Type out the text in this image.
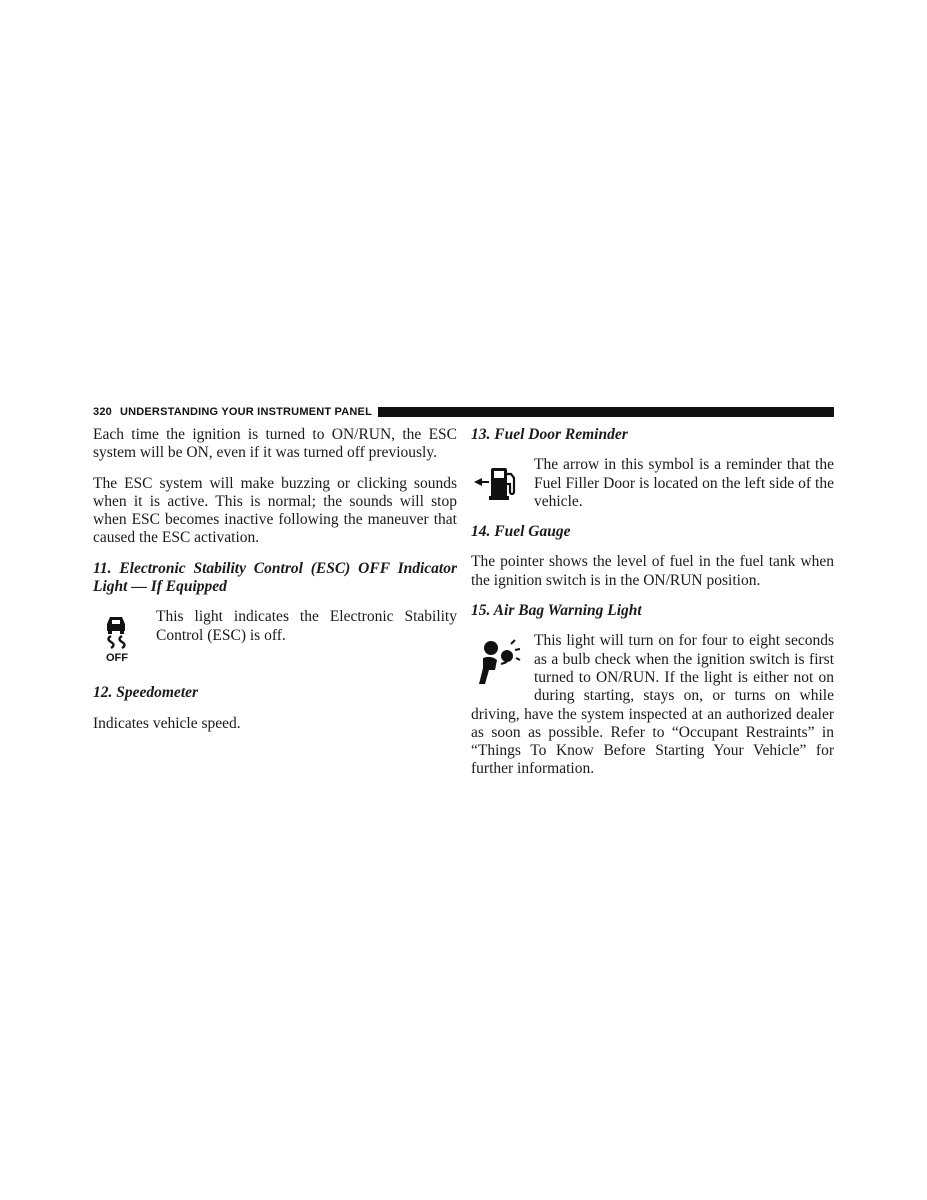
320 UNDERSTANDING YOUR INSTRUMENT PANEL

Each time the ignition is turned to ON/RUN, the ESC system will be ON, even if it was turned off previously.

The ESC system will make buzzing or clicking sounds when it is active. This is normal; the sounds will stop when ESC becomes inactive following the maneuver that caused the ESC activation.

11. Electronic Stability Control (ESC) OFF Indicator Light — If Equipped
OFF

This light indicates the Electronic Stability Control (ESC) is off.

12. Speedometer

Indicates vehicle speed.

13. Fuel Door Reminder

The arrow in this symbol is a reminder that the Fuel Filler Door is located on the left side of the vehicle.

14. Fuel Gauge

The pointer shows the level of fuel in the fuel tank when the ignition switch is in the ON/RUN position.

15. Air Bag Warning Light

This light will turn on for four to eight seconds as a bulb check when the ignition switch is first turned to ON/RUN. If the light is either not on during starting, stays on, or turns on while driving, have the system inspected at an authorized dealer as soon as possible. Refer to “Occupant Restraints” in “Things To Know Before Starting Your Vehicle” for further information.
